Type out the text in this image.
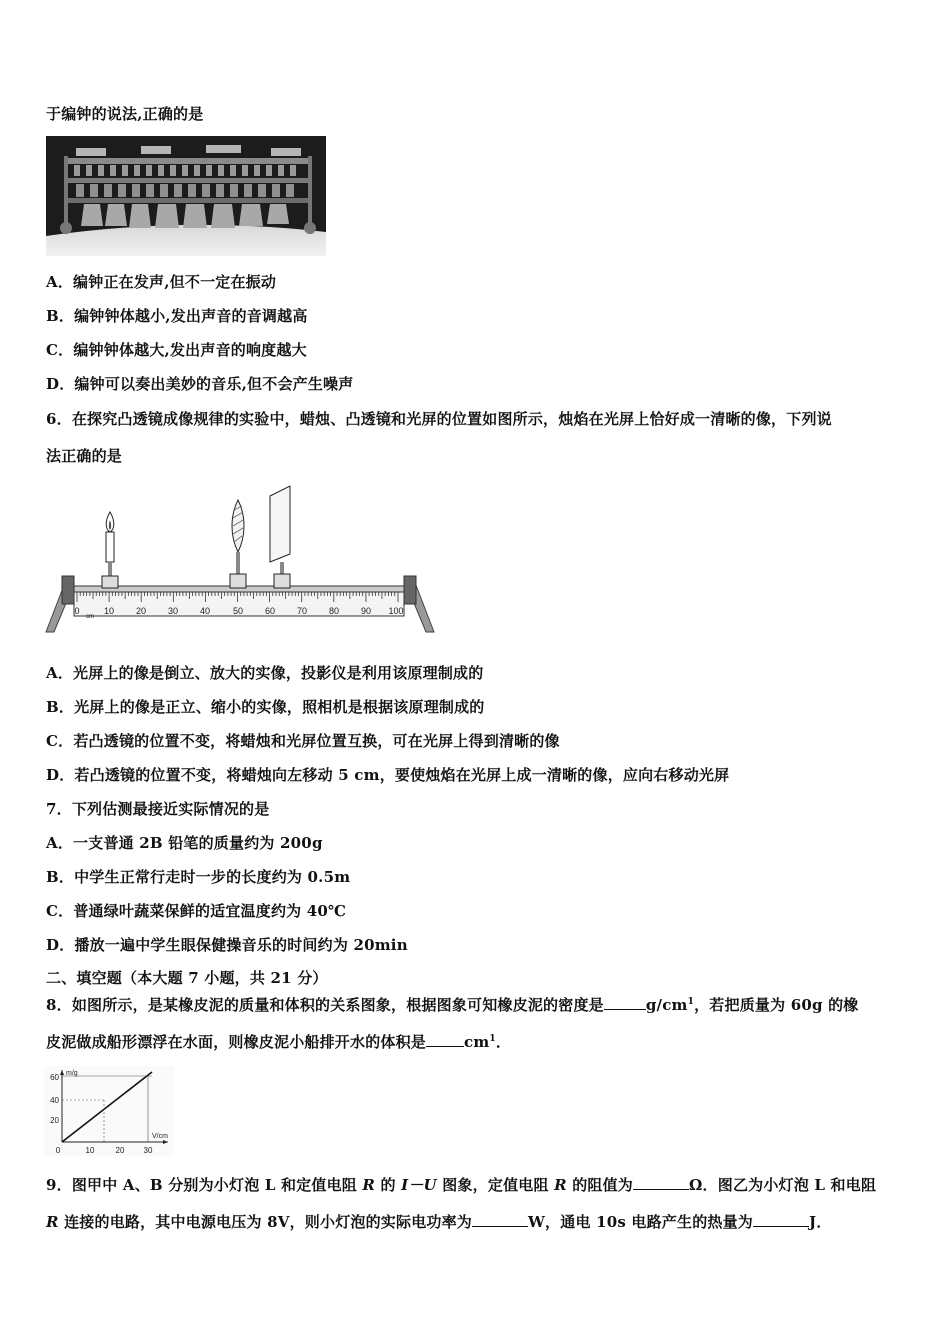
于编钟的说法,正确的是
A．编钟正在发声,但不一定在振动
B．编钟钟体越小,发出声音的音调越高
C．编钟钟体越大,发出声音的响度越大
D．编钟可以奏出美妙的音乐,但不会产生噪声
6．在探究凸透镜成像规律的实验中，蜡烛、凸透镜和光屏的位置如图所示，烛焰在光屏上恰好成一清晰的像，下列说
法正确的是
0	10 20 30 40	50 60 70 80 90 100
cm
A．光屏上的像是倒立、放大的实像，投影仪是利用该原理制成的
B．光屏上的像是正立、缩小的实像，照相机是根据该原理制成的
C．若凸透镜的位置不变，将蜡烛和光屏位置互换，可在光屏上得到清晰的像
D．若凸透镜的位置不变，将蜡烛向左移动 5 cm，要使烛焰在光屏上成一清晰的像，应向右移动光屏
7．下列估测最接近实际情况的是
A．一支普通 2B 铅笔的质量约为 200g
B．中学生正常行走时一步的长度约为 0.5m
C．普通绿叶蔬菜保鲜的适宜温度约为 40℃
D．播放一遍中学生眼保健操音乐的时间约为 20min
二、填空题（本大题 7 小题，共 21 分）
8．如图所示，是某橡皮泥的质量和体积的关系图象，根据图象可知橡皮泥的密度是	$g/cm^1$，若把质量为 60g 的橡
皮泥做成船形漂浮在水面，则橡皮泥小船排开水的体积是	$cm^1$．
m/g
V/cm
20
40
60
0	10	20 30
9．图甲中 A、B 分别为小灯泡 L 和定值电阻 R 的 I－U 图象，定值电阻 R 的阻值为	Ω．图乙为小灯泡 L 和电阻
R 连接的电路，其中电源电压为 8V，则小灯泡的实际电功率为	W，通电 10s 电路产生的热量为	J．
